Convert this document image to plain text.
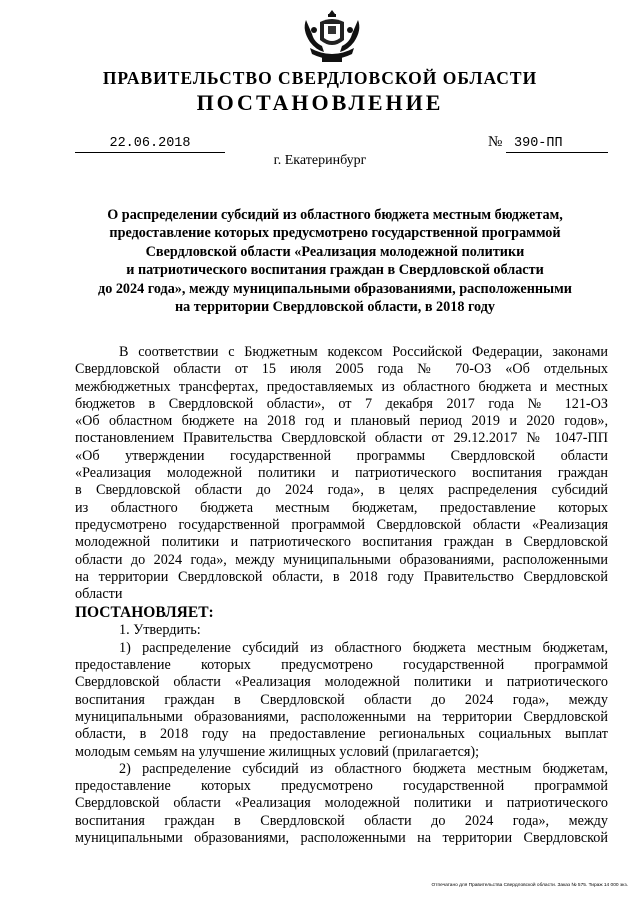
ПРАВИТЕЛЬСТВО СВЕРДЛОВСКОЙ ОБЛАСТИ
ПОСТАНОВЛЕНИЕ
22.06.2018	№ 390-ПП
г. Екатеринбург
О распределении субсидий из областного бюджета местным бюджетам,
предоставление которых предусмотрено государственной программой
Свердловской области «Реализация молодежной политики
и патриотического воспитания граждан в Свердловской области
до 2024 года», между муниципальными образованиями, расположенными
на территории Свердловской области, в 2018 году
В соответствии с Бюджетным кодексом Российской Федерации, законами
Свердловской области от 15 июля 2005 года № 70-ОЗ «Об отдельных
межбюджетных трансфертах, предоставляемых из областного бюджета и местных
бюджетов в Свердловской области», от 7 декабря 2017 года № 121-ОЗ
«Об областном бюджете на 2018 год и плановый период 2019 и 2020 годов»,
постановлением Правительства Свердловской области от 29.12.2017 № 1047-ПП
«Об утверждении государственной программы Свердловской области
«Реализация молодежной политики и патриотического воспитания граждан
в Свердловской области до 2024 года», в целях распределения субсидий
из областного бюджета местным бюджетам, предоставление которых
предусмотрено государственной программой Свердловской области «Реализация
молодежной политики и патриотического воспитания граждан в Свердловской
области до 2024 года», между муниципальными образованиями, расположенными
на территории Свердловской области, в 2018 году Правительство Свердловской
области
ПОСТАНОВЛЯЕТ:
1. Утвердить:
1) распределение субсидий из областного бюджета местным бюджетам,
предоставление которых предусмотрено государственной программой
Свердловской области «Реализация молодежной политики и патриотического
воспитания граждан в Свердловской области до 2024 года», между
муниципальными образованиями, расположенными на территории Свердловской
области, в 2018 году на предоставление региональных социальных выплат
молодым семьям на улучшение жилищных условий (прилагается);
2) распределение субсидий из областного бюджета местным бюджетам,
предоставление которых предусмотрено государственной программой
Свердловской области «Реализация молодежной политики и патриотического
воспитания граждан в Свердловской области до 2024 года», между
муниципальными образованиями, расположенными на территории Свердловской
Отпечатано для Правительства Свердловской области. Заказ № 575. Тираж 14 000 экз.
